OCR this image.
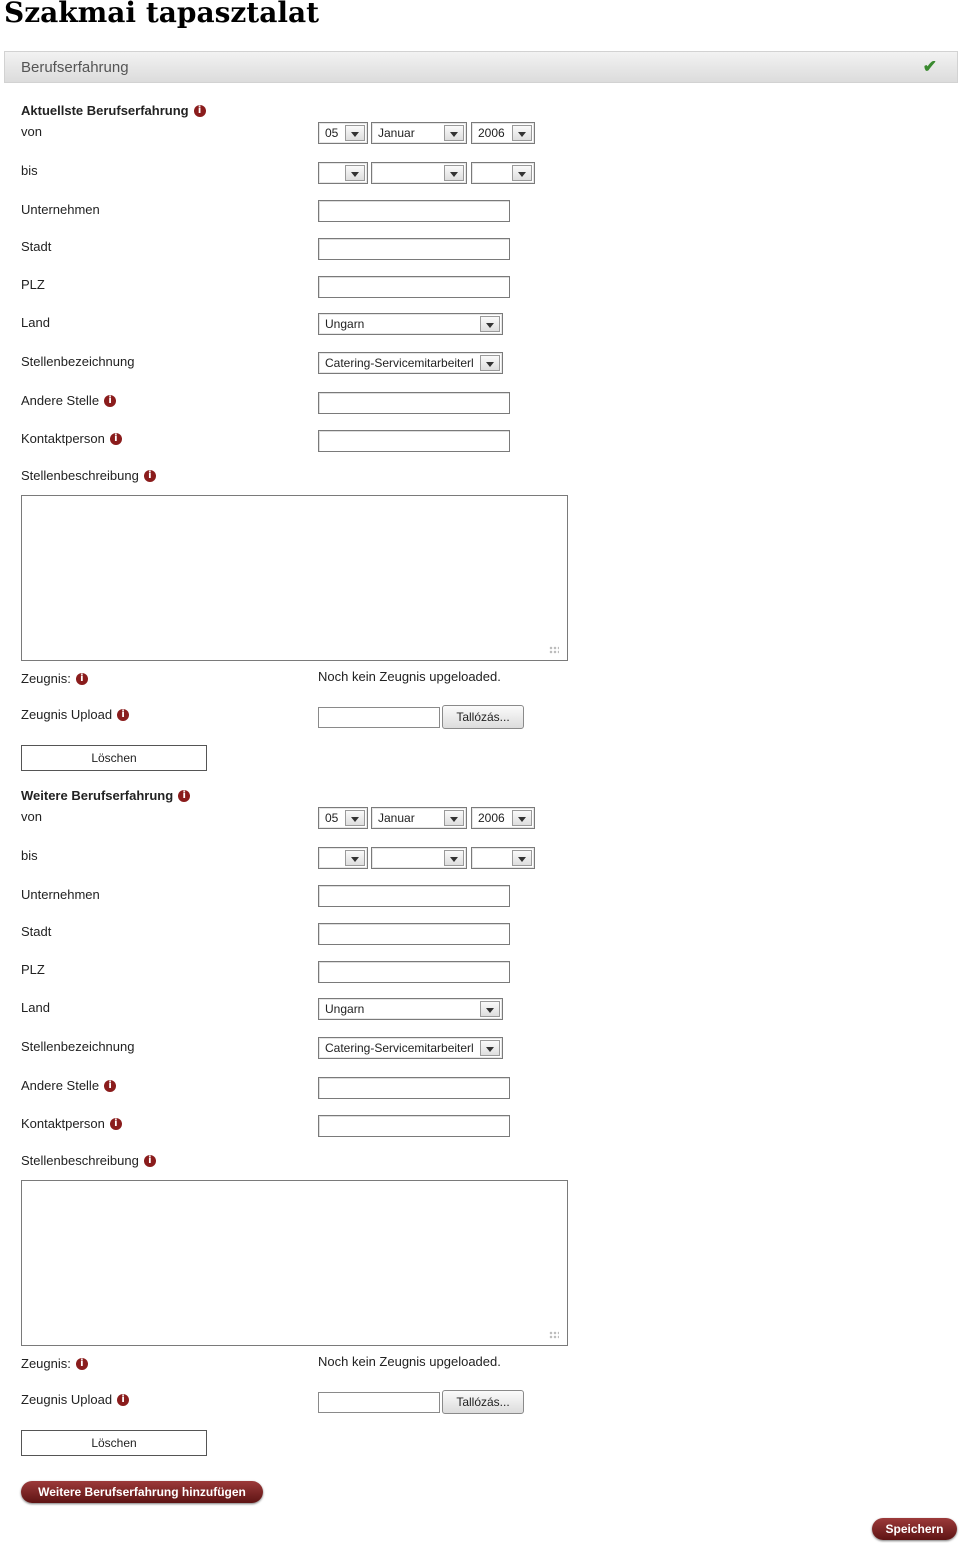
Szakmai tapasztalat
Berufserfahrung	✔
Aktuellste Berufserfahrung i
von	05	Januar	2006
bis
Unternehmen
Stadt
PLZ
Land	Ungarn
Stellenbezeichnung	Catering-Servicemitarbeiterl
Andere Stelle i
Kontaktperson i
Stellenbeschreibung i
Zeugnis: i	Noch kein Zeugnis upgeloaded.
Zeugnis Upload i	Tallózás...
Löschen
Weitere Berufserfahrung i
von	05	Januar	2006
bis
Unternehmen
Stadt
PLZ
Land	Ungarn
Stellenbezeichnung	Catering-Servicemitarbeiterl
Andere Stelle i
Kontaktperson i
Stellenbeschreibung i
Zeugnis: i	Noch kein Zeugnis upgeloaded.
Zeugnis Upload i	Tallózás...
Löschen
Weitere Berufserfahrung hinzufügen
Speichern
